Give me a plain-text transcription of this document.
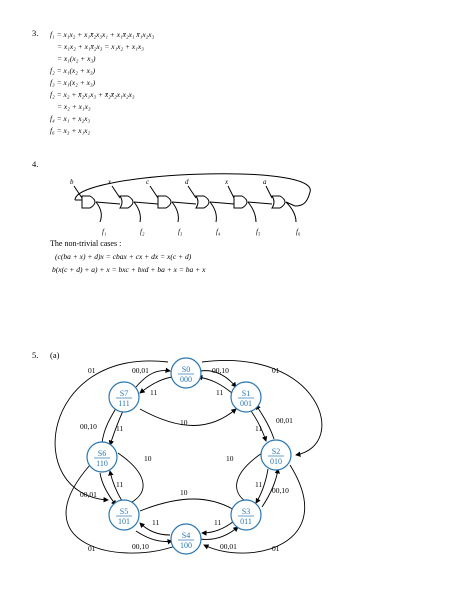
3. f₁ = x₁x₂ + x₁x̄₂x₃x₁ + x₁x̄₂x₁ x̄₁x₂x₃
= x₁x₂ + x₁x̄₂x₃ = x₁x₂ + x₁x₃
= x₁(x₂ + x₃)
f₂ = x₁(x₂ + x₃)
f₃ = x₁(x₂ + x₃)
f₂ = x₂ + x̄₂x₁x₃ + x̄₂x̄₂x₁x₂x₃
= x₂ + x₁x₃
f₄ = x₁ + x₂x₃
f₆ = x₃ + x₁x₂
4.
b	x	c	d	x	a
f₁	f₂	f₃	f₄	f₅	f₆
The non-trivial cases :
(c(ba + x) + d)x = cbax + cx + dx = x(c + d)
b(x(c + d) + a) + x = bxc + bxd + ba + x = ba + x
5. (a)
S0
000
S1
001
S2
010
S3
011
S4
100
S5
101
S6
110
S7
111
00,01	00,10
01	01
11	11
10
00,10	11	11
00,01
10	10
00,01
11	11
00,10
11	11
10
00,10	00,01
01	01
